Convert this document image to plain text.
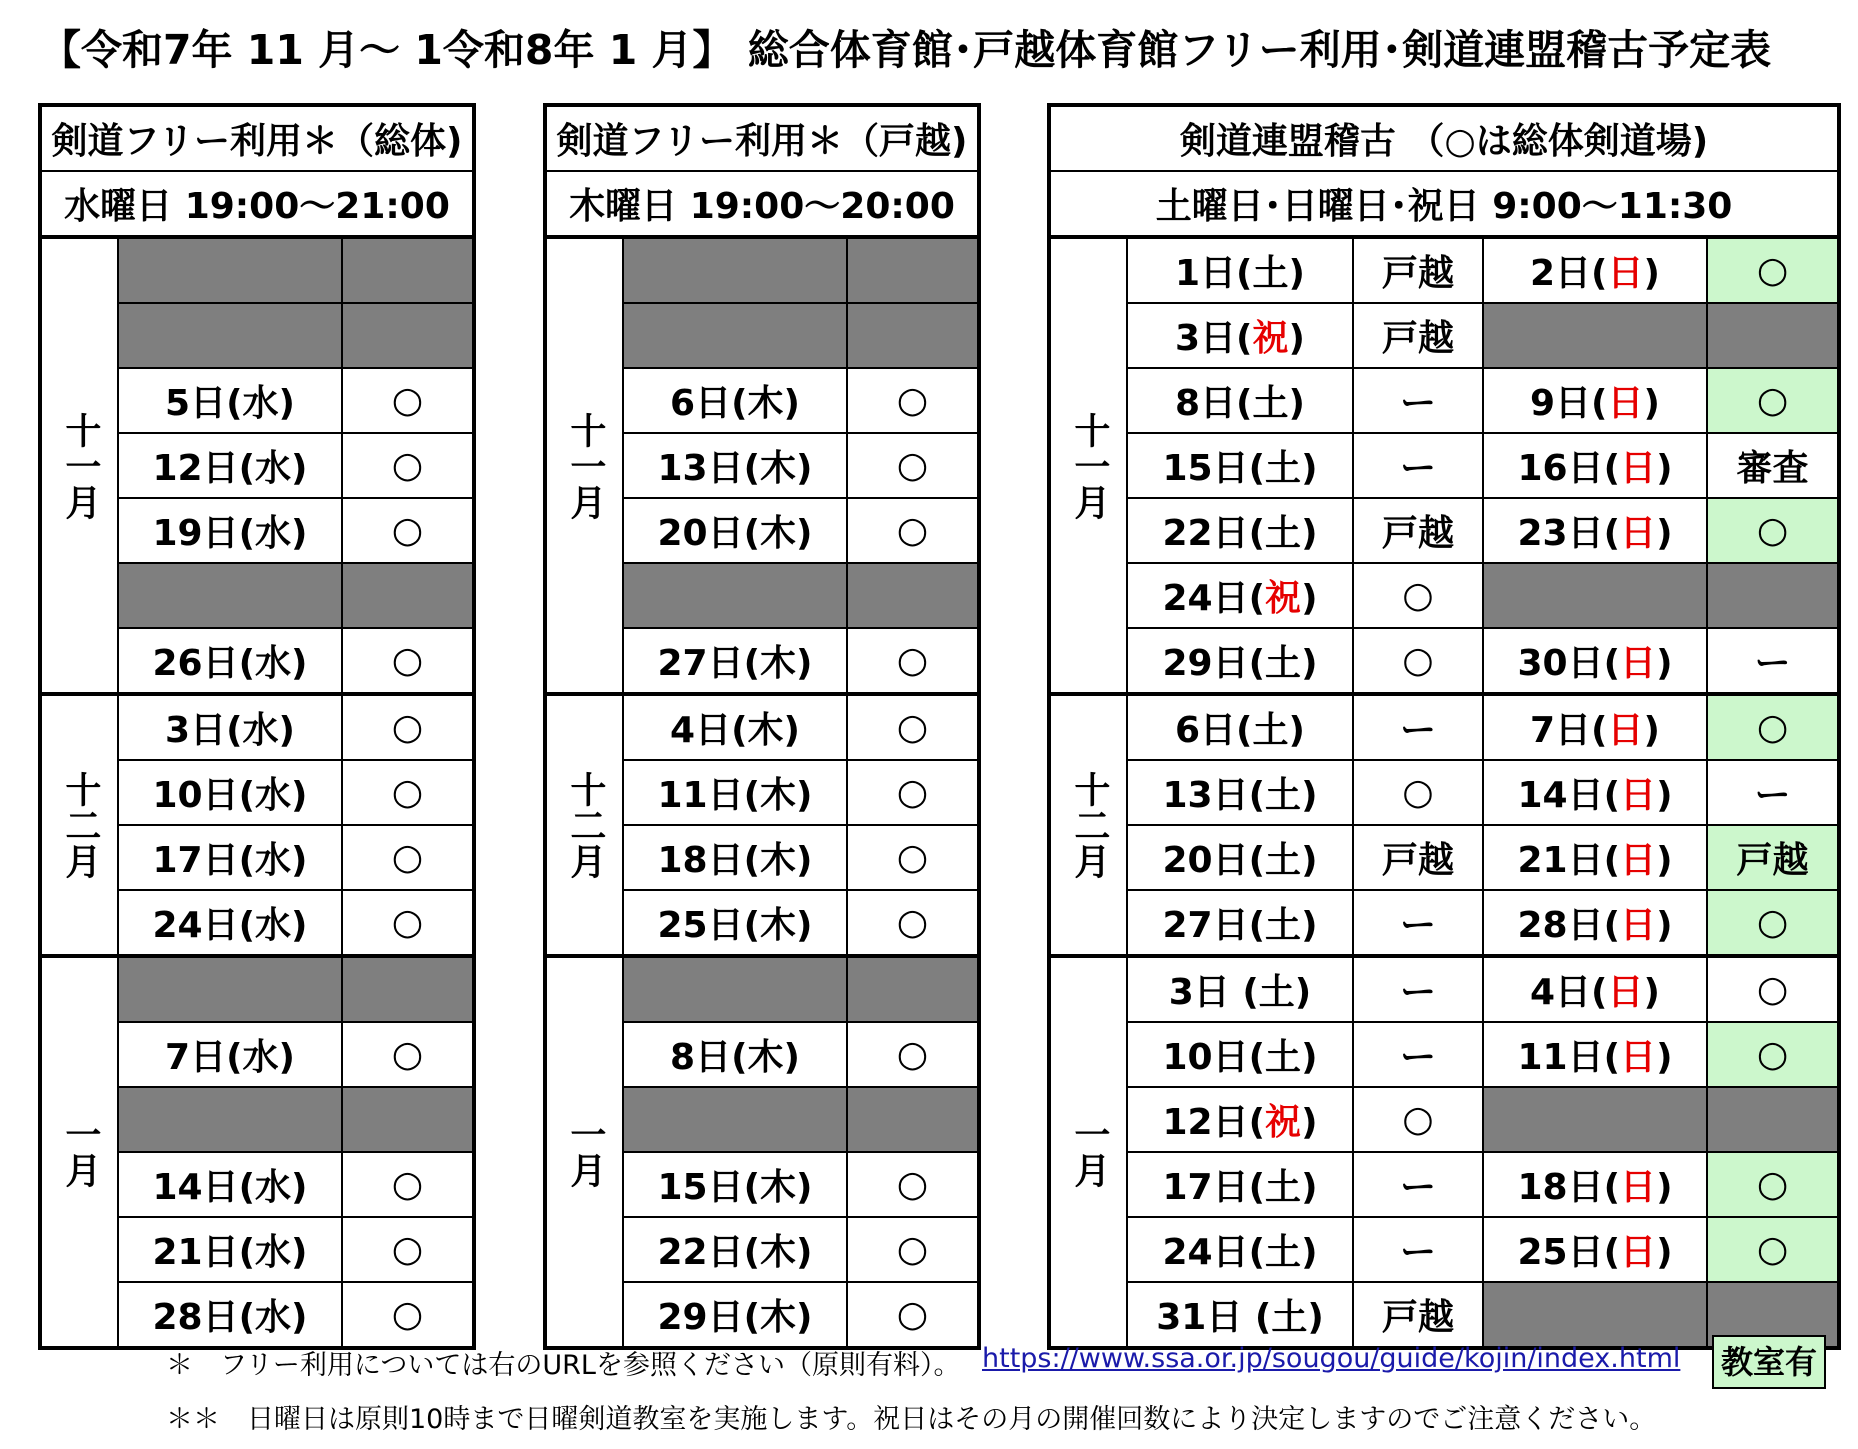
【令和7年 11 月～ 1令和8年 1 月】 総合体育館･戸越体育館フリー利用･剣道連盟稽古予定表
剣道フリー利用＊（総体)		
水曜日 19:00～21:00		
十一月		

	5日(水)	○
	12日(水)	○
	19日(水)	○

	26日(水)	○
十二月	3日(水)	○
	10日(水)	○
	17日(水)	○
	24日(水)	○
一月		
	7日(水)	○

	14日(水)	○
	21日(水)	○
	28日(水)	○
剣道フリー利用＊（戸越)		
木曜日 19:00～20:00		
十一月		

	6日(木)	○
	13日(木)	○
	20日(木)	○

	27日(木)	○
十二月	4日(木)	○
	11日(木)	○
	18日(木)	○
	25日(木)	○
一月		
	8日(木)	○

	15日(木)	○
	22日(木)	○
	29日(木)	○
剣道連盟稽古 （○は総体剣道場)				
土曜日･日曜日･祝日 9:00～11:30				
十一月	1日(土)	戸越	2日(日)	○
	3日(祝)	戸越		
	8日(土)	ー	9日(日)	○
	15日(土)	ー	16日(日)	審査
	22日(土)	戸越	23日(日)	○
	24日(祝)	○		
	29日(土)	○	30日(日)	ー
十二月	6日(土)	ー	7日(日)	○
	13日(土)	○	14日(日)	ー
	20日(土)	戸越	21日(日)	戸越
	27日(土)	ー	28日(日)	○
一月	3日 (土)	ー	4日(日)	○
	10日(土)	ー	11日(日)	○
	12日(祝)	○		
	17日(土)	ー	18日(日)	○
	24日(土)	ー	25日(日)	○
	31日 (土)	戸越		
＊　フリー利用については右のURLを参照ください（原則有料）。 https://www.ssa.or.jp/sougou/guide/kojin/index.html 教室有
＊＊　日曜日は原則10時まで日曜剣道教室を実施します。祝日はその月の開催回数により決定しますのでご注意ください。
